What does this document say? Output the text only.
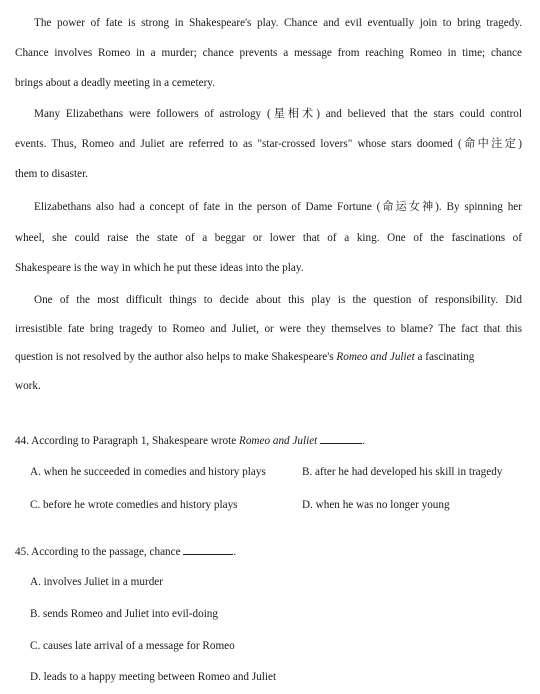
The power of fate is strong in Shakespeare's play. Chance and evil eventually join to bring tragedy.
Chance involves Romeo in a murder; chance prevents a message from reaching Romeo in time; chance
brings about a deadly meeting in a cemetery.
Many Elizabethans were followers of astrology (星相术) and believed that the stars could control
events. Thus, Romeo and Juliet are referred to as "star-crossed lovers" whose stars doomed (命中注定)
them to disaster.
Elizabethans also had a concept of fate in the person of Dame Fortune (命运女神). By spinning her
wheel, she could raise the state of a beggar or lower that of a king. One of the fascinations of
Shakespeare is the way in which he put these ideas into the play.
One of the most difficult things to decide about this play is the question of responsibility. Did
irresistible fate bring tragedy to Romeo and Juliet, or were they themselves to blame? The fact that this
question is not resolved by the author also helps to make Shakespeare's Romeo and Juliet a fascinating
work.
44. According to Paragraph 1, Shakespeare wrote Romeo and Juliet	.
A. when he succeeded in comedies and history plays	B. after he had developed his skill in tragedy
C. before he wrote comedies and history plays	D. when he was no longer young
45. According to the passage, chance	.
A. involves Juliet in a murder
B. sends Romeo and Juliet into evil-doing
C. causes late arrival of a message for Romeo
D. leads to a happy meeting between Romeo and Juliet
